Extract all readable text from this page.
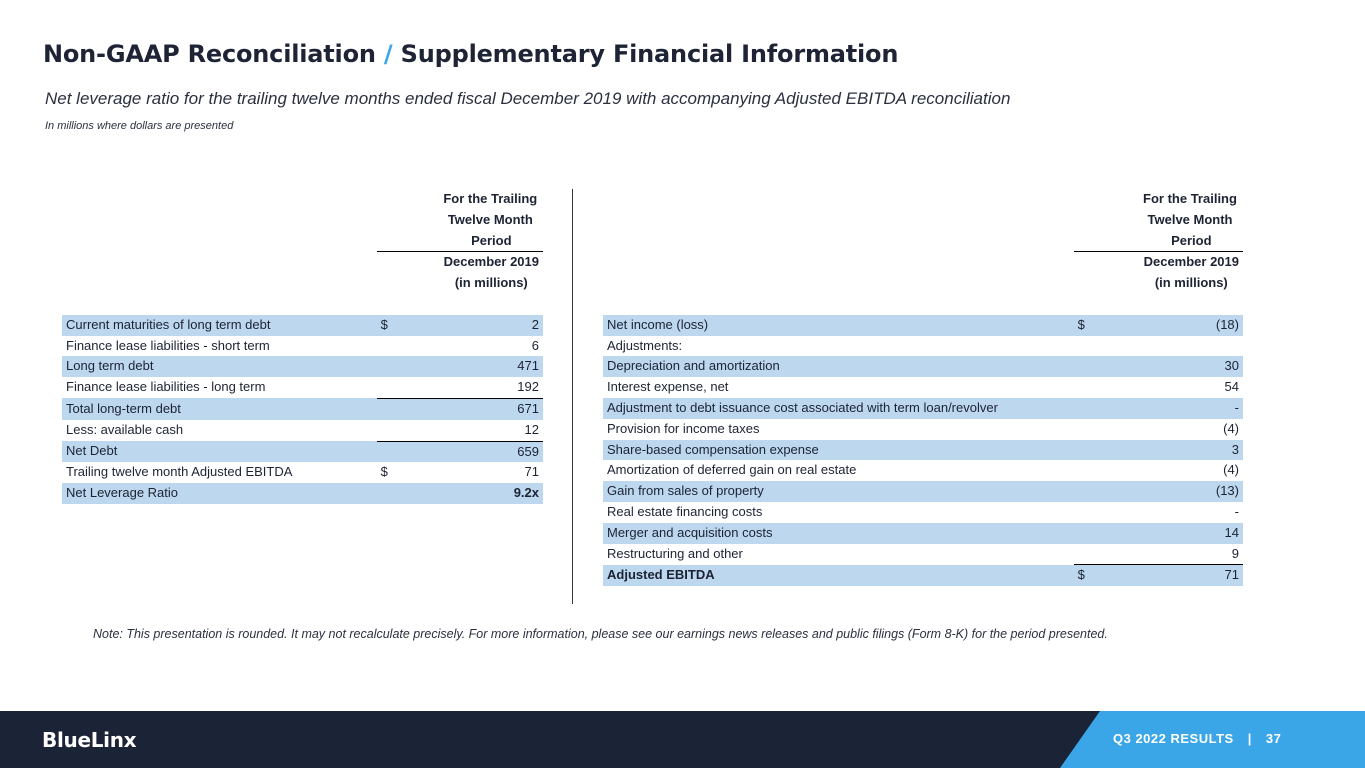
Non-GAAP Reconciliation / Supplementary Financial Information
Net leverage ratio for the trailing twelve months ended fiscal December 2019 with accompanying Adjusted EBITDA reconciliation
In millions where dollars are presented
		For the Trailing
		Twelve Month
	Period	
	December 2019	
	(in millions)	

Current maturities of long term debt	$	2
Finance lease liabilities - short term		6
Long term debt		471
Finance lease liabilities - long term		192
Total long-term debt		671
Less: available cash		12
Net Debt		659
Trailing twelve month Adjusted EBITDA	$	71
Net Leverage Ratio		9.2x
		For the Trailing
		Twelve Month
	Period	
	December 2019	
	(in millions)	

Net income (loss)	$	(18)
Adjustments:		
Depreciation and amortization		30
Interest expense, net		54
Adjustment to debt issuance cost associated with term loan/revolver		-
Provision for income taxes		(4)
Share-based compensation expense		3
Amortization of deferred gain on real estate		(4)
Gain from sales of property		(13)
Real estate financing costs		-
Merger and acquisition costs		14
Restructuring and other		9
Adjusted EBITDA	$	71
Note: This presentation is rounded. It may not recalculate precisely. For more information, please see our earnings news releases and public filings (Form 8-K) for the period presented.
BlueLinx	Q3 2022 RESULTS | 37
